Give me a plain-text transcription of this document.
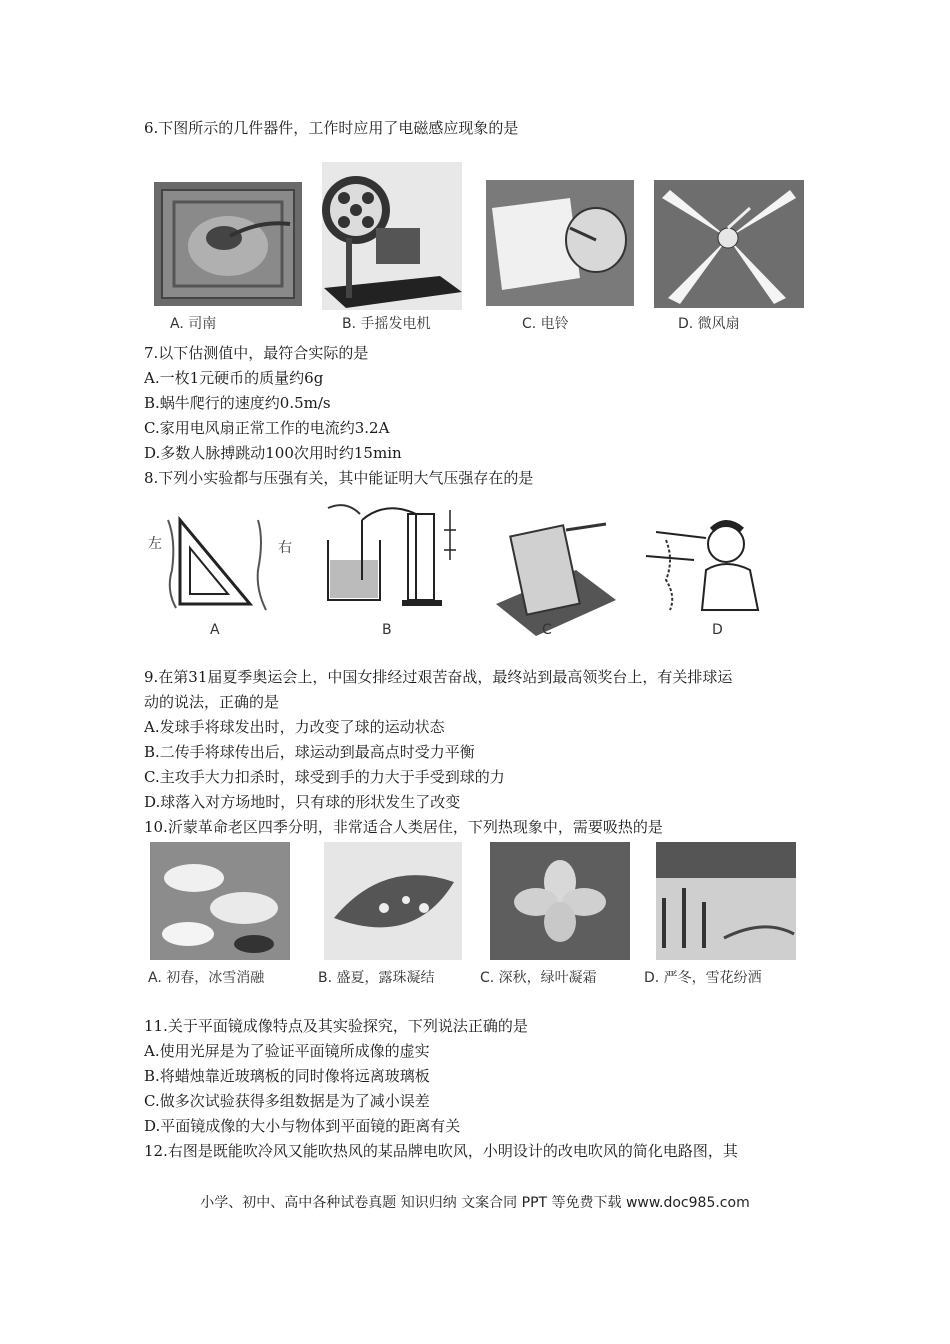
6.下图所示的几件器件，工作时应用了电磁感应现象的是
A. 司南	B. 手摇发电机	C. 电铃	D. 微风扇
7.以下估测值中，最符合实际的是
A.一枚1元硬币的质量约6g
B.蜗牛爬行的速度约0.5m/s
C.家用电风扇正常工作的电流约3.2A
D.多数人脉搏跳动100次用时约15min
8.下列小实验都与压强有关，其中能证明大气压强存在的是
左	右
A	B	C	D
9.在第31届夏季奥运会上，中国女排经过艰苦奋战，最终站到最高领奖台上，有关排球运
动的说法，正确的是
A.发球手将球发出时，力改变了球的运动状态
B.二传手将球传出后，球运动到最高点时受力平衡
C.主攻手大力扣杀时，球受到手的力大于手受到球的力
D.球落入对方场地时，只有球的形状发生了改变
10.沂蒙革命老区四季分明，非常适合人类居住，下列热现象中，需要吸热的是
A. 初春，冰雪消融	B. 盛夏，露珠凝结	C. 深秋，绿叶凝霜	D. 严冬，雪花纷洒
11.关于平面镜成像特点及其实验探究，下列说法正确的是
A.使用光屏是为了验证平面镜所成像的虚实
B.将蜡烛靠近玻璃板的同时像将远离玻璃板
C.做多次试验获得多组数据是为了减小误差
D.平面镜成像的大小与物体到平面镜的距离有关
12.右图是既能吹冷风又能吹热风的某品牌电吹风，小明设计的改电吹风的简化电路图，其
小学、初中、高中各种试卷真题 知识归纳 文案合同 PPT 等免费下载 www.doc985.com
